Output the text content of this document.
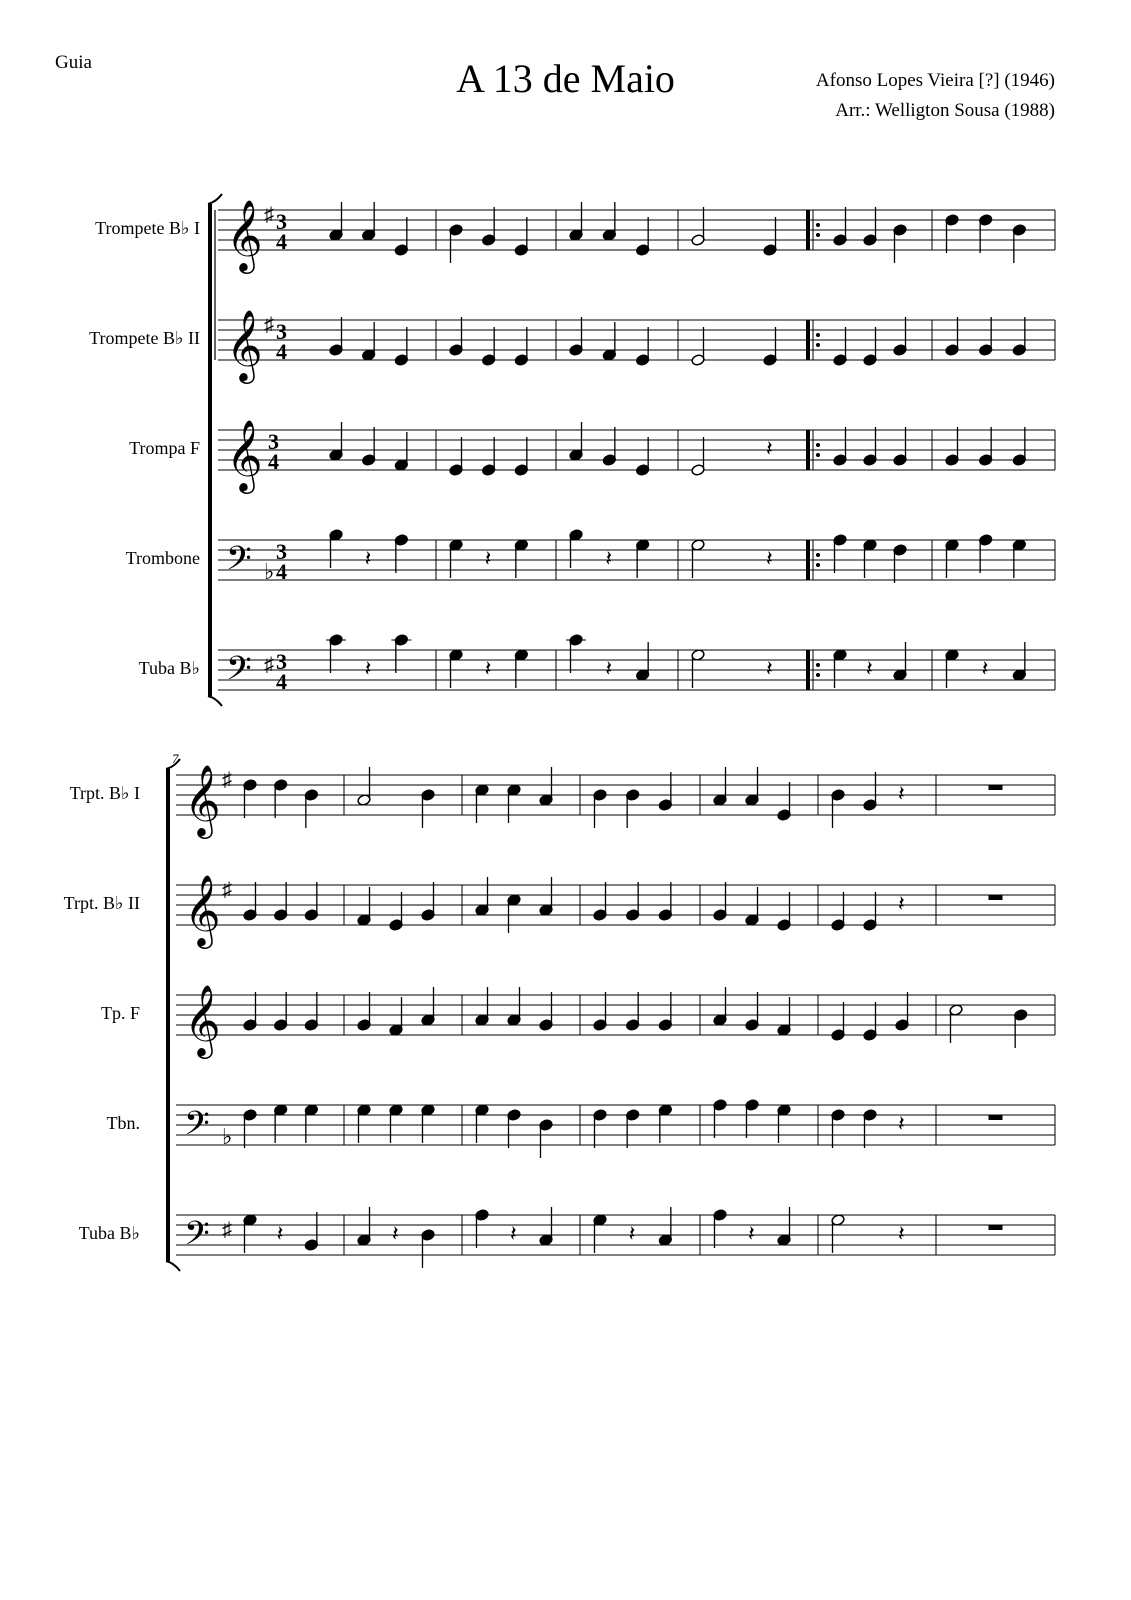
Guia	A 13 de Maio	Afonso Lopes Vieira [?] (1946)
Arr.: Welligton Sousa (1988)
Trompete B♭ I	3
4
Trompete B♭ II	3
4
Trompa F	3
4
𝄽
Trombone	3
4
𝄽	𝄽	𝄽	𝄽
Tuba B♭	3
4
𝄽	𝄽	𝄽	𝄽	𝄽	𝄽
𝄞 ♯
𝄞 ♯
𝄞
𝄢 ♭
𝄢 ♯
7
Trpt. B♭ I	𝄽
Trpt. B♭ II	𝄽
Tp. F
Tbn.	𝄽
Tuba B♭	𝄽	𝄽	𝄽	𝄽	𝄽	𝄽
𝄞 ♯
𝄞 ♯
𝄞
𝄢 ♭
𝄢 ♯
